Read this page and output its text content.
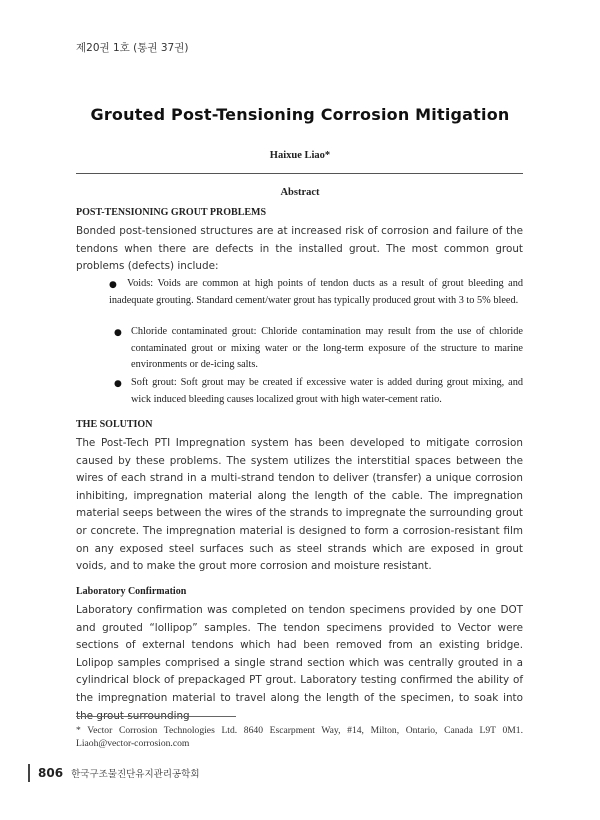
제20권 1호 (통권 37권)
Grouted Post-Tensioning Corrosion Mitigation
Haixue Liao*
Abstract
POST-TENSIONING GROUT PROBLEMS

Bonded post-tensioned structures are at increased risk of corrosion and failure of the tendons when there are defects in the installed grout. The most common grout problems (defects) include:

● Voids: Voids are common at high points of tendon ducts as a result of grout bleeding and inadequate grouting. Standard cement/water grout has typically produced grout with 3 to 5% bleed.

● Chloride contaminated grout: Chloride contamination may result from the use of chloride contaminated grout or mixing water or the long-term exposure of the structure to marine environments or de-icing salts.

● Soft grout: Soft grout may be created if excessive water is added during grout mixing, and wick induced bleeding causes localized grout with high water-cement ratio.

THE SOLUTION

The Post-Tech PTI Impregnation system has been developed to mitigate corrosion caused by these problems. The system utilizes the interstitial spaces between the wires of each strand in a multi-strand tendon to deliver (transfer) a unique corrosion inhibiting, impregnation material along the length of the cable. The impregnation material seeps between the wires of the strands to impregnate the surrounding grout or concrete. The impregnation material is designed to form a corrosion-resistant film on any exposed steel surfaces such as steel strands which are exposed in grout voids, and to make the grout more corrosion and moisture resistant.

Laboratory Confirmation

Laboratory confirmation was completed on tendon specimens provided by one DOT and grouted “lollipop” samples. The tendon specimens provided to Vector were sections of external tendons which had been removed from an existing bridge. Lolipop samples comprised a single strand section which was centrally grouted in a cylindrical block of prepackaged PT grout. Laboratory testing confirmed the ability of the impregnation material to travel along the length of the specimen, to soak into the grout surrounding

* Vector Corrosion Technologies Ltd. 8640 Escarpment Way, #14, Milton, Ontario, Canada L9T 0M1. Liaoh@vector-corrosion.com

806 한국구조물진단유지관리공학회
